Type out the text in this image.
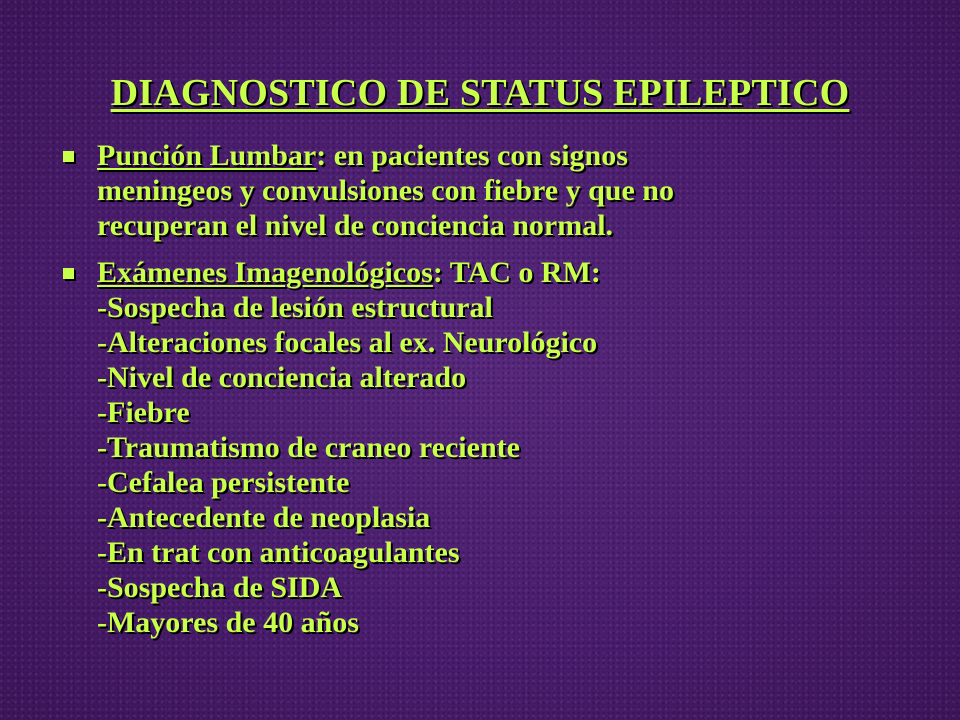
DIAGNOSTICO DE STATUS EPILEPTICO
Punción Lumbar: en pacientes con signos
meningeos y convulsiones con fiebre y que no
recuperan el nivel de conciencia normal.
Exámenes Imagenológicos: TAC o RM:
-Sospecha de lesión estructural
-Alteraciones focales al ex. Neurológico
-Nivel de conciencia alterado
-Fiebre
-Traumatismo de craneo reciente
-Cefalea persistente
-Antecedente de neoplasia
-En trat con anticoagulantes
-Sospecha de SIDA
-Mayores de 40 años
